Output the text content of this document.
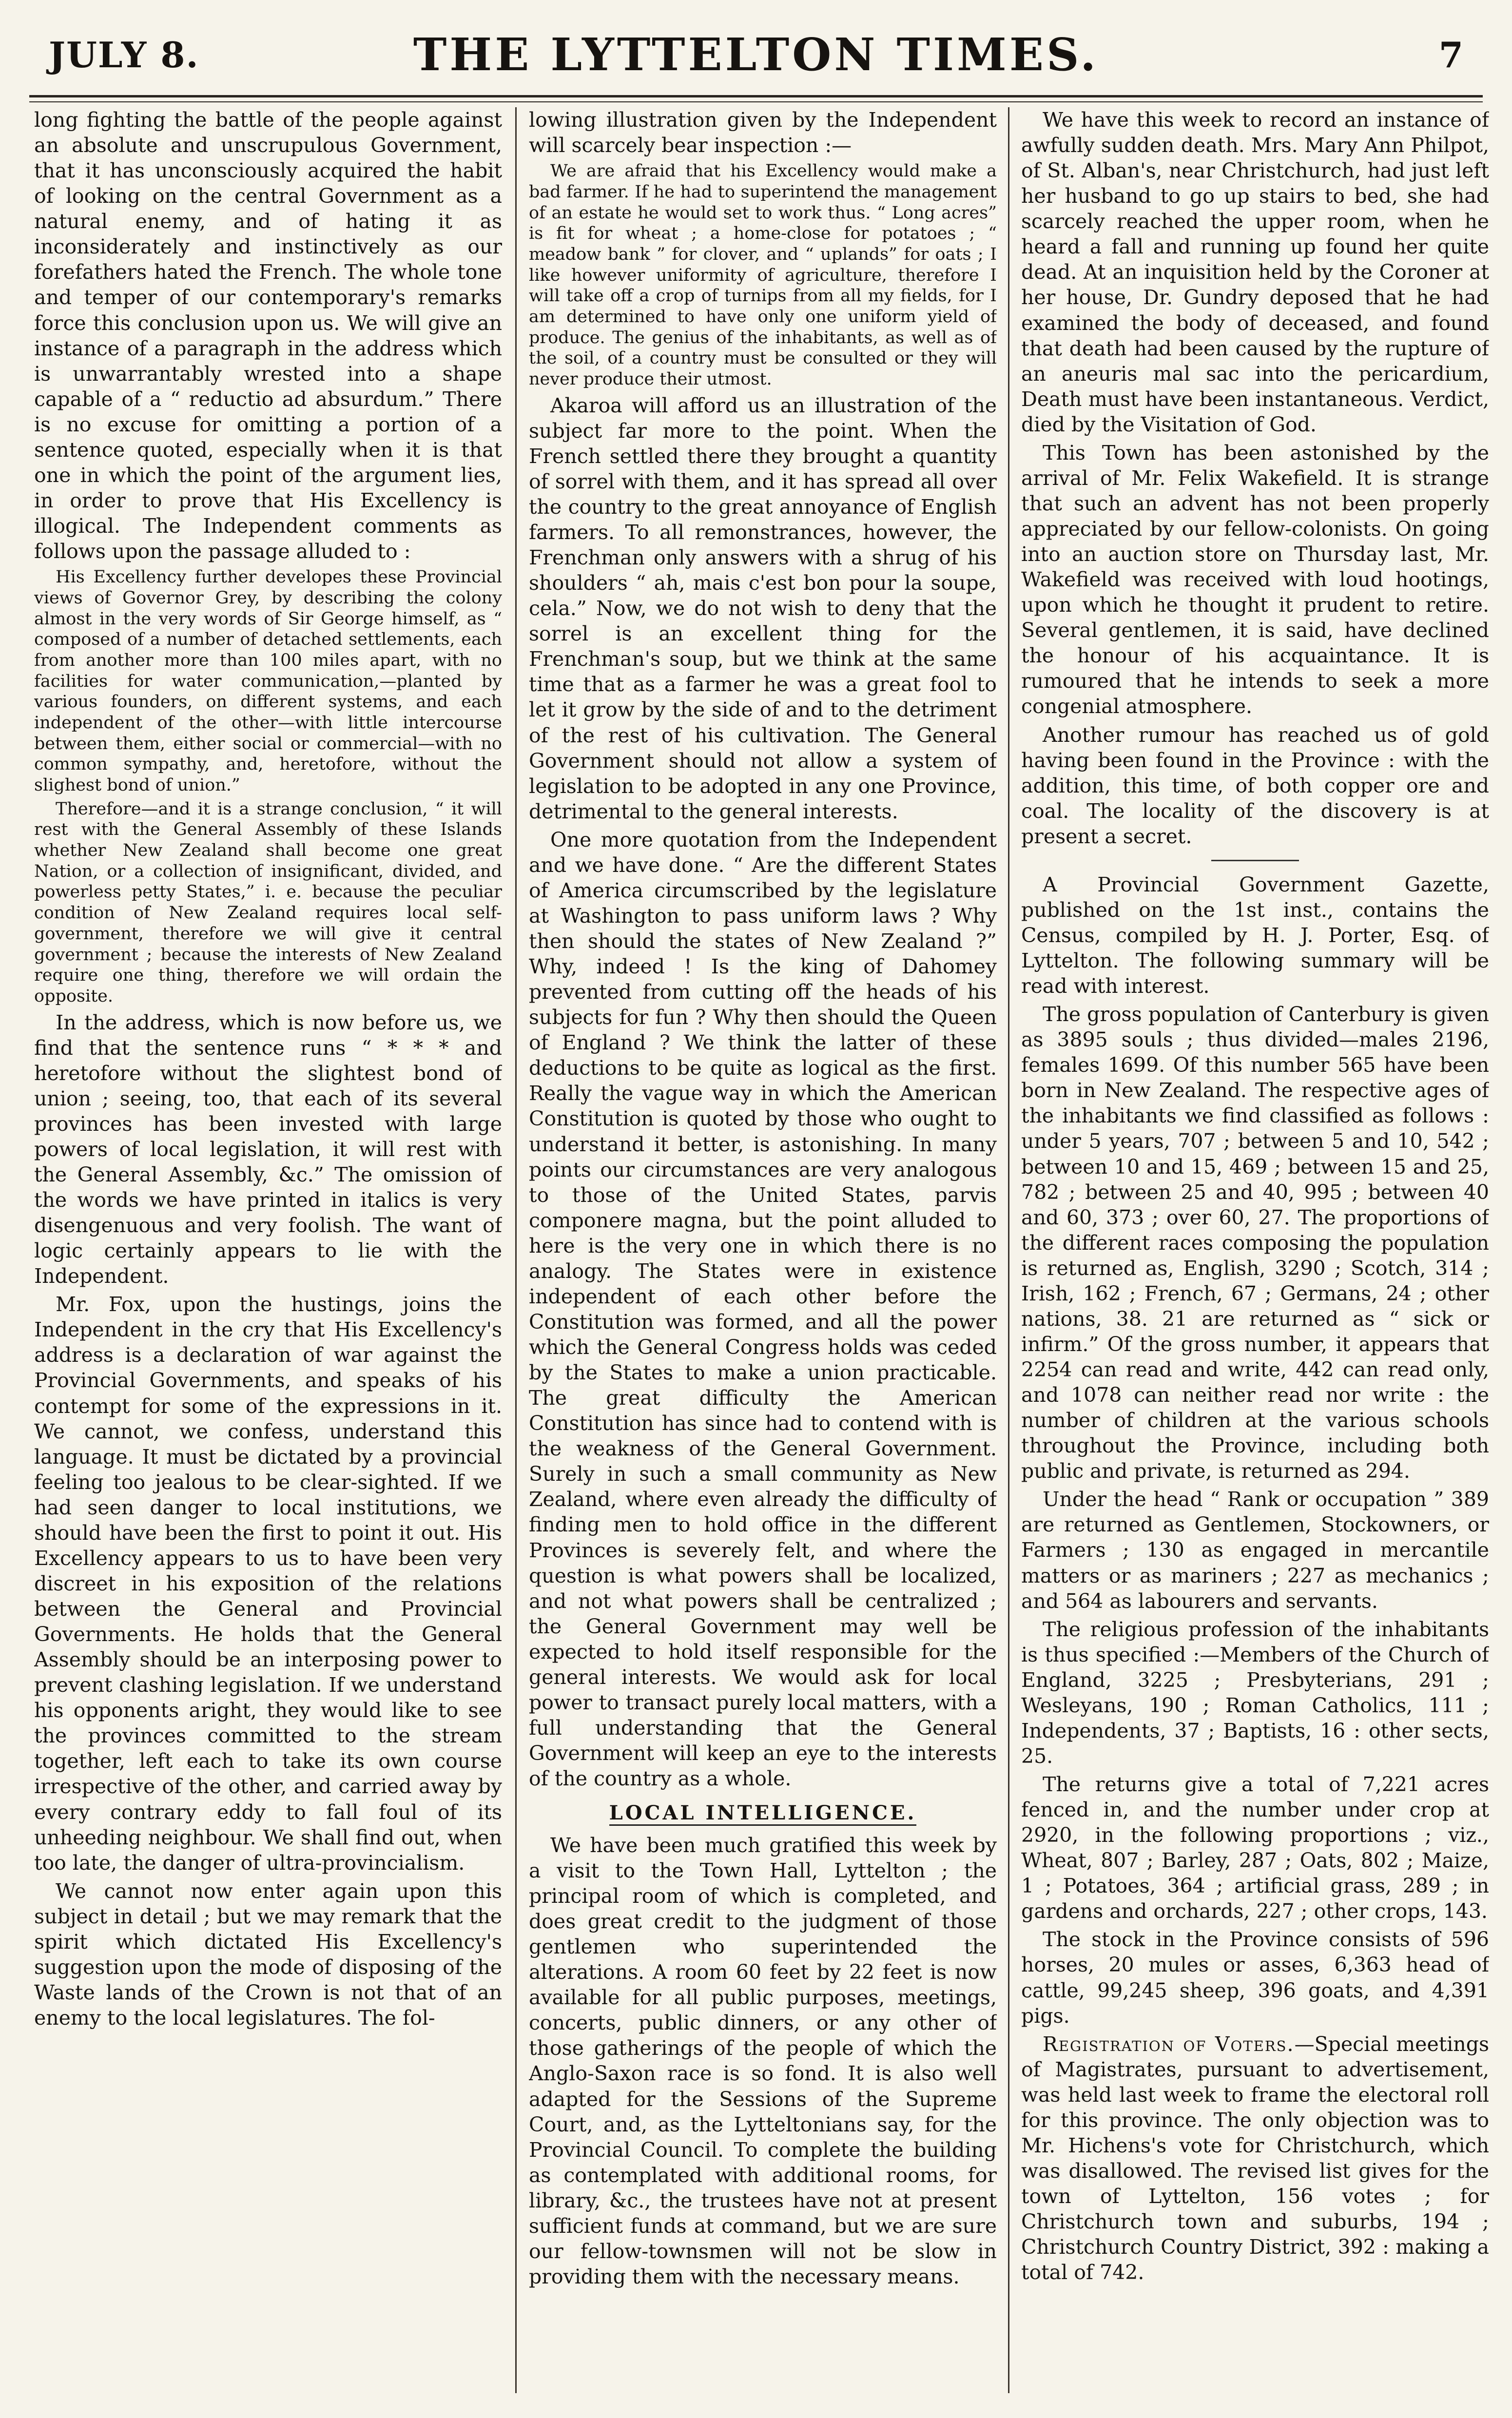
JULY 8.	THE LYTTELTON TIMES.	7

long fighting the battle of the people against an absolute and unscrupulous Government, that it has unconsciously acquired the habit of looking on the central Government as a natural enemy, and of hating it as inconsiderately and instinctively as our forefathers hated the French. The whole tone and temper of our contemporary's remarks force this conclusion upon us. We will give an instance of a paragraph in the address which is unwarrantably wrested into a shape capable of a “ reductio ad absurdum.” There is no excuse for omitting a portion of a sentence quoted, especially when it is that one in which the point of the argument lies, in order to prove that His Excellency is illogical. The Independent comments as follows upon the passage alluded to :

His Excellency further developes these Provincial views of Governor Grey, by describing the colony almost in the very words of Sir George himself, as “ composed of a number of detached settlements, each from another more than 100 miles apart, with no facilities for water communication,—planted by various founders, on different systems, and each independent of the other—with little intercourse between them, either social or commercial—with no common sympathy, and, heretofore, without the slighest bond of union.”

Therefore—and it is a strange conclusion, “ it will rest with the General Assembly of these Islands whether New Zealand shall become one great Nation, or a collection of insignificant, divided, and powerless petty States,” i. e. because the peculiar condition of New Zealand requires local self-government, therefore we will give it central government ; because the interests of New Zealand require one thing, therefore we will ordain the opposite.

In the address, which is now before us, we find that the sentence runs “ * * * and heretofore without the slightest bond of union ; seeing, too, that each of its several provinces has been invested with large powers of local legislation, it will rest with the General Assembly, &c.” The omission of the words we have printed in italics is very disengenuous and very foolish. The want of logic certainly appears to lie with the Independent.

Mr. Fox, upon the hustings, joins the Independent in the cry that His Excellency's address is a declaration of war against the Provincial Governments, and speaks of his contempt for some of the expressions in it. We cannot, we confess, understand this language. It must be dictated by a provincial feeling too jealous to be clear-sighted. If we had seen danger to local institutions, we should have been the first to point it out. His Excellency appears to us to have been very discreet in his exposition of the relations between the General and Provincial Governments. He holds that the General Assembly should be an interposing power to prevent clashing legislation. If we understand his opponents aright, they would like to see the provinces committed to the stream together, left each to take its own course irrespective of the other, and carried away by every contrary eddy to fall foul of its unheeding neighbour. We shall find out, when too late, the danger of ultra-provincialism.

We cannot now enter again upon this subject in detail ; but we may remark that the spirit which dictated His Excellency's suggestion upon the mode of disposing of the Waste lands of the Crown is not that of an enemy to the local legislatures. The fol-

lowing illustration given by the Independent will scarcely bear inspection :—

We are afraid that his Excellency would make a bad farmer. If he had to superintend the management of an estate he would set to work thus. “ Long acres” is fit for wheat ; a home-close for potatoes ; “ meadow bank ” for clover, and “ uplands” for oats ; I like however uniformity of agriculture, therefore I will take off a crop of turnips from all my fields, for I am determined to have only one uniform yield of produce. The genius of the inhabitants, as well as of the soil, of a country must be consulted or they will never produce their utmost.

Akaroa will afford us an illustration of the subject far more to the point. When the French settled there they brought a quantity of sorrel with them, and it has spread all over the country to the great annoyance of English farmers. To all remonstrances, however, the Frenchman only answers with a shrug of his shoulders “ ah, mais c'est bon pour la soupe, cela.” Now, we do not wish to deny that the sorrel is an excellent thing for the Frenchman's soup, but we think at the same time that as a farmer he was a great fool to let it grow by the side of and to the detriment of the rest of his cultivation. The General Government should not allow a system of legislation to be adopted in any one Province, detrimental to the general interests.

One more quotation from the Independent and we have done. “ Are the different States of America circumscribed by the legislature at Washington to pass uniform laws ? Why then should the states of New Zealand ?” Why, indeed ! Is the king of Dahomey prevented from cutting off the heads of his subjects for fun ? Why then should the Queen of England ? We think the latter of these deductions to be quite as logical as the first. Really the vague way in which the American Constitution is quoted by those who ought to understand it better, is astonishing. In many points our circumstances are very analogous to those of the United States, parvis componere magna, but the point alluded to here is the very one in which there is no analogy. The States were in existence independent of each other before the Constitution was formed, and all the power which the General Congress holds was ceded by the States to make a union practicable. The great difficulty the American Constitution has since had to contend with is the weakness of the General Government. Surely in such a small community as New Zealand, where even already the difficulty of finding men to hold office in the different Provinces is severely felt, and where the question is what powers shall be localized, and not what powers shall be centralized ; the General Government may well be expected to hold itself responsible for the general interests. We would ask for local power to transact purely local matters, with a full understanding that the General Government will keep an eye to the interests of the country as a whole.

LOCAL INTELLIGENCE.

We have been much gratified this week by a visit to the Town Hall, Lyttelton ; the principal room of which is completed, and does great credit to the judgment of those gentlemen who superintended the alterations. A room 60 feet by 22 feet is now available for all public purposes, meetings, concerts, public dinners, or any other of those gatherings of the people of which the Anglo-Saxon race is so fond. It is also well adapted for the Sessions of the Supreme Court, and, as the Lytteltonians say, for the Provincial Council. To complete the building as contemplated with additional rooms, for library, &c., the trustees have not at present sufficient funds at command, but we are sure our fellow-townsmen will not be slow in providing them with the necessary means.

We have this week to record an instance of awfully sudden death. Mrs. Mary Ann Philpot, of St. Alban's, near Christchurch, had just left her husband to go up stairs to bed, she had scarcely reached the upper room, when he heard a fall and running up found her quite dead. At an inquisition held by the Coroner at her house, Dr. Gundry deposed that he had examined the body of deceased, and found that death had been caused by the rupture of an aneuris mal sac into the pericardium, Death must have been instantaneous. Verdict, died by the Visitation of God.

This Town has been astonished by the arrival of Mr. Felix Wakefield. It is strange that such an advent has not been properly appreciated by our fellow-colonists. On going into an auction store on Thursday last, Mr. Wakefield was received with loud hootings, upon which he thought it prudent to retire. Several gentlemen, it is said, have declined the honour of his acquaintance. It is rumoured that he intends to seek a more congenial atmosphere.

Another rumour has reached us of gold having been found in the Province : with the addition, this time, of both copper ore and coal. The locality of the discovery is at present a secret.

A Provincial Government Gazette, published on the 1st inst., contains the Census, compiled by H. J. Porter, Esq. of Lyttelton. The following summary will be read with interest.

The gross population of Canterbury is given as 3895 souls ; thus divided—males 2196, females 1699. Of this number 565 have been born in New Zealand. The respective ages of the inhabitants we find classified as follows : under 5 years, 707 ; between 5 and 10, 542 ; between 10 and 15, 469 ; between 15 and 25, 782 ; between 25 and 40, 995 ; between 40 and 60, 373 ; over 60, 27. The proportions of the different races composing the population is returned as, English, 3290 ; Scotch, 314 ; Irish, 162 ; French, 67 ; Germans, 24 ; other nations, 38. 21 are returned as “ sick or infirm.” Of the gross number, it appears that 2254 can read and write, 442 can read only, and 1078 can neither read nor write : the number of children at the various schools throughout the Province, including both public and private, is returned as 294.

Under the head “ Rank or occupation ” 389 are returned as Gentlemen, Stockowners, or Farmers ; 130 as engaged in mercantile matters or as mariners ; 227 as mechanics ; and 564 as labourers and servants.

The religious profession of the inhabitants is thus specified :—Members of the Church of England, 3225 ; Presbyterians, 291 ; Wesleyans, 190 ; Roman Catholics, 111 ; Independents, 37 ; Baptists, 16 : other sects, 25.

The returns give a total of 7,221 acres fenced in, and the number under crop at 2920, in the following proportions ; viz., Wheat, 807 ; Barley, 287 ; Oats, 802 ; Maize, 1 ; Potatoes, 364 ; artificial grass, 289 ; in gardens and orchards, 227 ; other crops, 143.

The stock in the Province consists of 596 horses, 20 mules or asses, 6,363 head of cattle, 99,245 sheep, 396 goats, and 4,391 pigs.

Registration of Voters.—Special meetings of Magistrates, pursuant to advertisement, was held last week to frame the electoral roll for this province. The only objection was to Mr. Hichens's vote for Christchurch, which was disallowed. The revised list gives for the town of Lyttelton, 156 votes ; for Christchurch town and suburbs, 194 ; Christchurch Country District, 392 : making a total of 742.
